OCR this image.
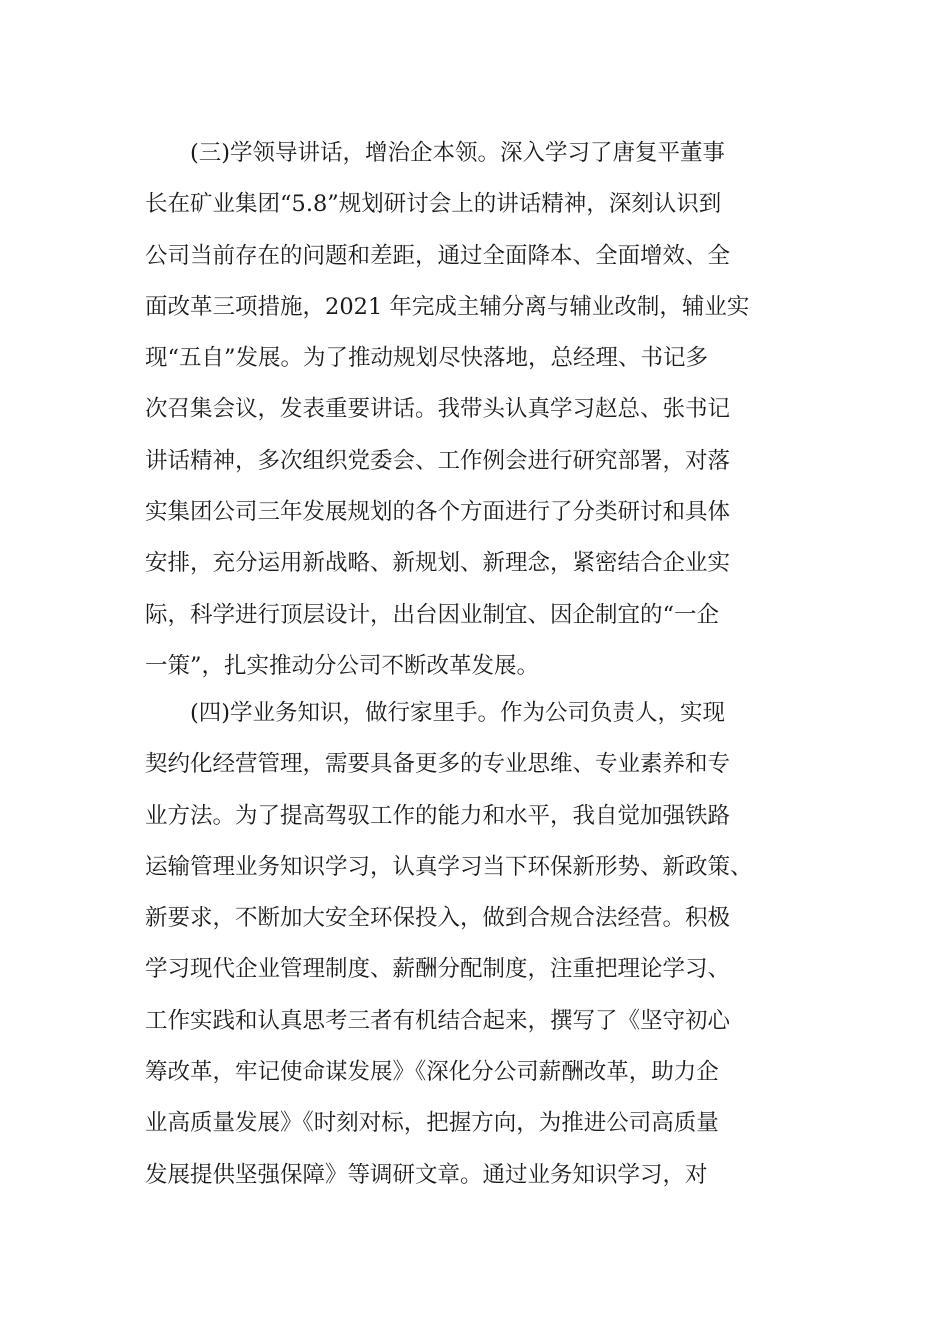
(三)学领导讲话，增治企本领。深入学习了唐复平董事
长在矿业集团“5.8”规划研讨会上的讲话精神，深刻认识到
公司当前存在的问题和差距，通过全面降本、全面增效、全
面改革三项措施，2021 年完成主辅分离与辅业改制，辅业实
现“五自”发展。为了推动规划尽快落地，总经理、书记多
次召集会议，发表重要讲话。我带头认真学习赵总、张书记
讲话精神，多次组织党委会、工作例会进行研究部署，对落
实集团公司三年发展规划的各个方面进行了分类研讨和具体
安排，充分运用新战略、新规划、新理念，紧密结合企业实
际，科学进行顶层设计，出台因业制宜、因企制宜的“一企
一策”，扎实推动分公司不断改革发展。
(四)学业务知识，做行家里手。作为公司负责人，实现
契约化经营管理，需要具备更多的专业思维、专业素养和专
业方法。为了提高驾驭工作的能力和水平，我自觉加强铁路
运输管理业务知识学习，认真学习当下环保新形势、新政策、
新要求，不断加大安全环保投入，做到合规合法经营。积极
学习现代企业管理制度、薪酬分配制度，注重把理论学习、
工作实践和认真思考三者有机结合起来，撰写了《坚守初心
筹改革，牢记使命谋发展》《深化分公司薪酬改革，助力企
业高质量发展》《时刻对标，把握方向，为推进公司高质量
发展提供坚强保障》等调研文章。通过业务知识学习，对
